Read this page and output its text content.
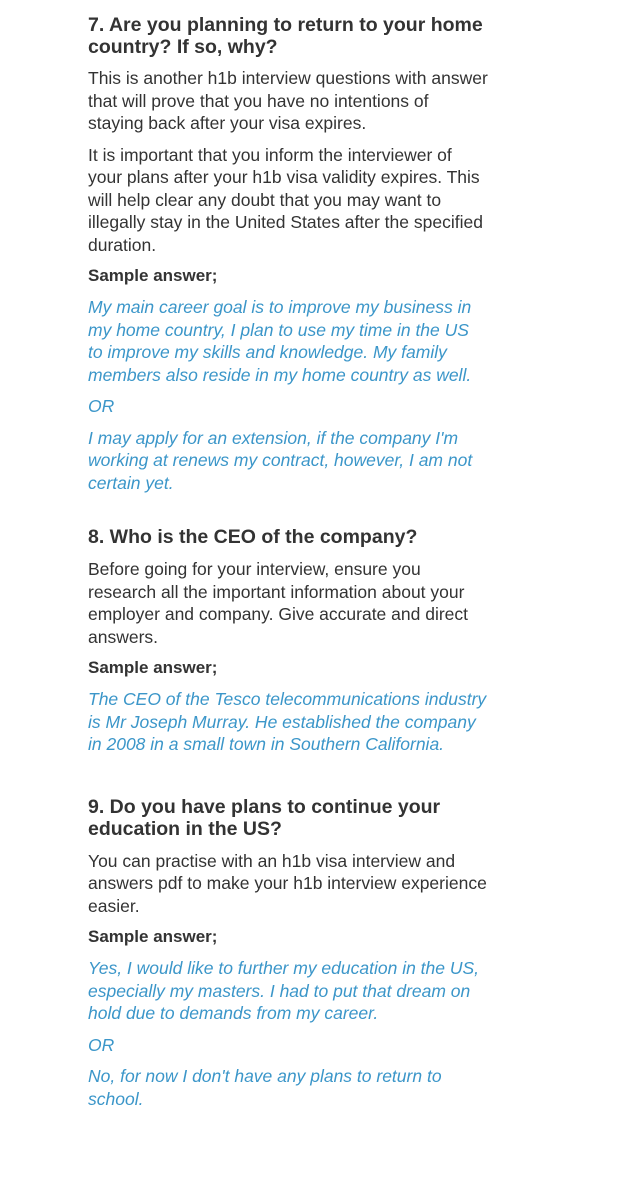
7. Are you planning to return to your home country? If so, why?

This is another h1b interview questions with answer that will prove that you have no intentions of staying back after your visa expires.

It is important that you inform the interviewer of your plans after your h1b visa validity expires. This will help clear any doubt that you may want to illegally stay in the United States after the specified duration.

Sample answer;

My main career goal is to improve my business in my home country, I plan to use my time in the US to improve my skills and knowledge. My family members also reside in my home country as well.

OR

I may apply for an extension, if the company I'm working at renews my contract, however, I am not certain yet.

8. Who is the CEO of the company?

Before going for your interview, ensure you research all the important information about your employer and company. Give accurate and direct answers.

Sample answer;

The CEO of the Tesco telecommunications industry is Mr Joseph Murray. He established the company in 2008 in a small town in Southern California.

9. Do you have plans to continue your education in the US?

You can practise with an h1b visa interview and answers pdf to make your h1b interview experience easier.

Sample answer;

Yes, I would like to further my education in the US, especially my masters. I had to put that dream on hold due to demands from my career.

OR

No, for now I don't have any plans to return to school.
